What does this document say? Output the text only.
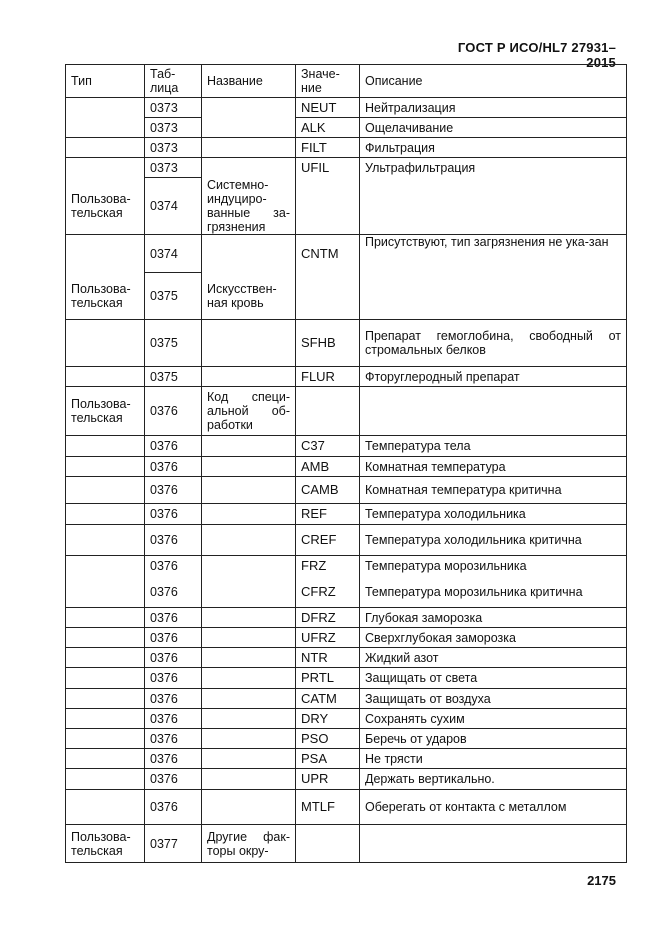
ГОСТ Р ИСО/HL7 27931–2015
Тип	Таб-лица	Название	Значе-ние	Описание
	0373		NEUT	Нейтрализация
	0373		ALK	Ощелачивание
	0373		FILT	Фильтрация
	0373		UFIL	Ультрафильтрация
Пользова-тельская	0374	Системно-индуциро-ванные за-грязнения		
	0374		CNTM	Присутствуют, тип загрязнения не ука-зан
Пользова-тельская	0375	Искусствен-ная кровь		
	0375		SFHB	Препарат гемоглобина, свободный от стромальных белков
	0375		FLUR	Фторуглеродный препарат
Пользова-тельская	0376	Код специ-альной об-работки		
	0376		C37	Температура тела
	0376		AMB	Комнатная температура
	0376		CAMB	Комнатная температура критична
	0376		REF	Температура холодильника
	0376		CREF	Температура холодильника критична
	0376		FRZ	Температура морозильника
	0376		CFRZ	Температура морозильника критична
	0376		DFRZ	Глубокая заморозка
	0376		UFRZ	Сверхглубокая заморозка
	0376		NTR	Жидкий азот
	0376		PRTL	Защищать от света
	0376		CATM	Защищать от воздуха
	0376		DRY	Сохранять сухим
	0376		PSO	Беречь от ударов
	0376		PSA	Не трясти
	0376		UPR	Держать вертикально.
	0376		MTLF	Оберегать от контакта с металлом
Пользова-тельская	0377	Другие фак-торы окру-		
2175
